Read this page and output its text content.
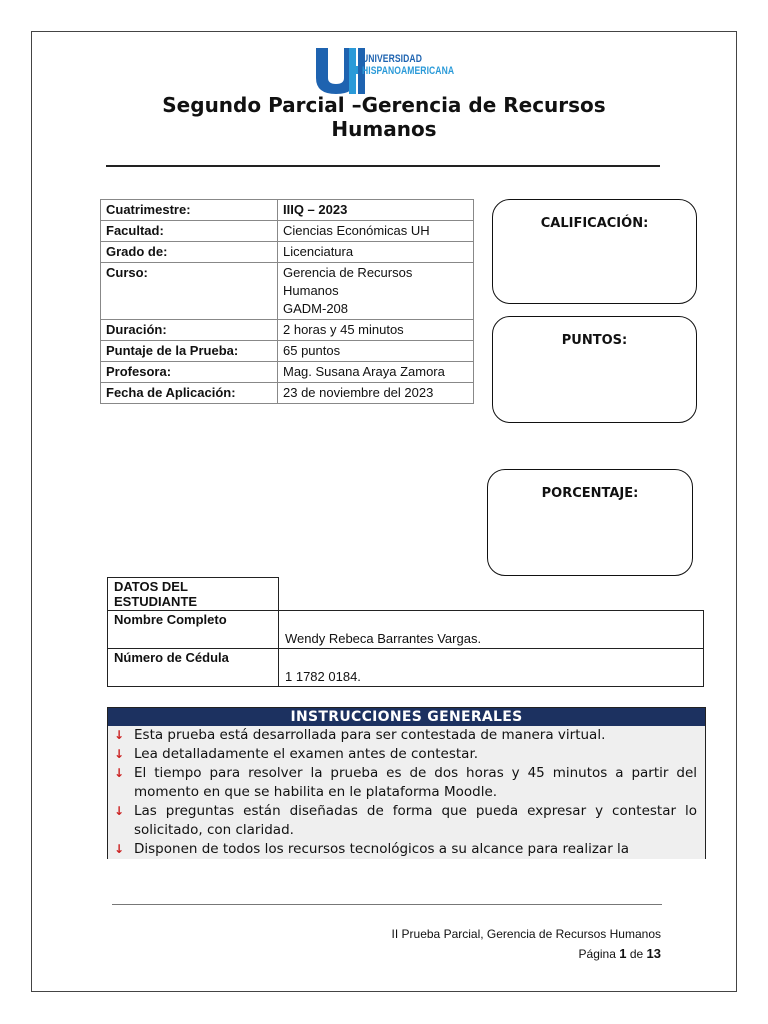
UNIVERSIDAD
HISPANOAMERICANA
Segundo Parcial –Gerencia de Recursos
Humanos
Cuatrimestre:	IIIQ – 2023

Facultad:	Ciencias Económicas UH

Grado de:	Licenciatura

Curso:	Gerencia de Recursos
Humanos
GADM-208

Duración:	2 horas y 45 minutos

Puntaje de la Prueba:	65 puntos

Profesora:	Mag. Susana Araya Zamora

Fecha de Aplicación:	23 de noviembre del 2023
CALIFICACIÓN:
PUNTOS:
PORCENTAJE:
DATOS DEL ESTUDIANTE	
Nombre Completo	Wendy Rebeca Barrantes Vargas.
Número de Cédula	1 1782 0184.
INSTRUCCIONES GENERALES
↓ Esta prueba está desarrollada para ser contestada de manera virtual.
↓ Lea detalladamente el examen antes de contestar.
↓ El tiempo para resolver la prueba es de dos horas y 45 minutos a partir del momento en que se habilita en le plataforma Moodle.
↓ Las preguntas están diseñadas de forma que pueda expresar y contestar lo solicitado, con claridad.
↓ Disponen de todos los recursos tecnológicos a su alcance para realizar la
II Prueba Parcial, Gerencia de Recursos Humanos
Página 1 de 13
